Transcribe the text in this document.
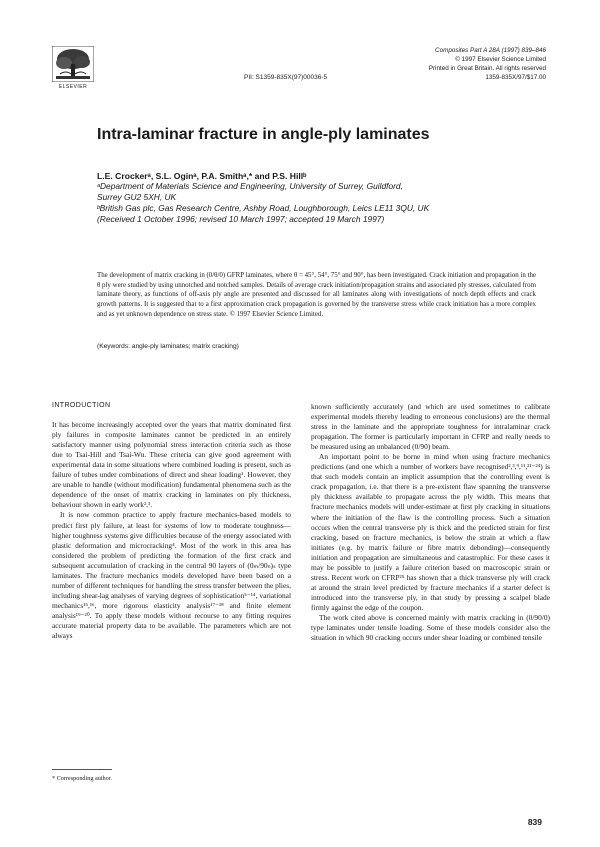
ELSEVIER
PII: S1359-835X(97)00036-5
Composites Part A 28A (1997) 839–846
© 1997 Elsevier Science Limited
Printed in Great Britain. All rights reserved
1359-835X/97/$17.00
Intra-laminar fracture in angle-ply laminates
L.E. Crockerᵃ, S.L. Oginᵃ, P.A. Smithᵃ,* and P.S. Hillᵇ
ᵃDepartment of Materials Science and Engineering, University of Surrey, Guildford,
Surrey GU2 5XH, UK
ᵇBritish Gas plc, Gas Research Centre, Ashby Road, Loughborough, Leics LE11 3QU, UK
(Received 1 October 1996; revised 10 March 1997; accepted 19 March 1997)

The development of matrix cracking in (0/θ/0) GFRP laminates, where θ = 45°, 54°, 75° and 90°, has been investigated. Crack initiation and propagation in the θ ply were studied by using unnotched and notched samples. Details of average crack initiation/propagation strains and associated ply stresses, calculated from laminate theory, as functions of off-axis ply angle are presented and discussed for all laminates along with investigations of notch depth effects and crack growth patterns. It is suggested that to a first approximation crack propagation is governed by the transverse stress while crack initiation has a more complex and as yet unknown dependence on stress state. © 1997 Elsevier Science Limited.

(Keywords: angle-ply laminates; matrix cracking)
INTRODUCTION

It has become increasingly accepted over the years that matrix dominated first ply failures in composite laminates cannot be predicted in an entirely satisfactory manner using polynomial stress interaction criteria such as those due to Tsai-Hill and Tsai-Wu. These criteria can give good agreement with experimental data in some situations where combined loading is present, such as failure of tubes under combinations of direct and shear loading¹. However, they are unable to handle (without modification) fundamental phenomena such as the dependence of the onset of matrix cracking in laminates on ply thickness, behaviour shown in early work²,³.

It is now common practice to apply fracture mechanics-based models to predict first ply failure, at least for systems of low to moderate toughness—higher toughness systems give difficulties because of the energy associated with plastic deformation and microcracking⁴. Most of the work in this area has considered the problem of predicting the formation of the first crack and subsequent accumulation of cracking in the central 90 layers of (0ₘ/90ₙ)ₛ type laminates. The fracture mechanics models developed have been based on a number of different techniques for handling the stress transfer between the plies, including shear-lag analyses of varying degrees of sophistication⁵⁻¹⁴, variational mechanics¹⁵,¹⁶, more rigorous elasticity analysis¹⁷⁻¹⁸ and finite element analysis¹⁹⁻²⁰. To apply these models without recourse to any fitting requires accurate material property data to be available. The parameters which are not always

known sufficiently accurately (and which are used sometimes to calibrate experimental models thereby leading to erroneous conclusions) are the thermal stress in the laminate and the appropriate toughness for intralaminar crack propagation. The former is particularly important in CFRP and really needs to be measured using an unbalanced (0/90) beam.

An important point to be borne in mind when using fracture mechanics predictions (and one which a number of workers have recognised²,³,⁹,¹¹,²¹⁻²⁴) is that such models contain an implicit assumption that the controlling event is crack propagation, i.e. that there is a pre-existent flaw spanning the transverse ply thickness available to propagate across the ply width. This means that fracture mechanics models will under-estimate at first ply cracking in situations where the initiation of the flaw is the controlling process. Such a situation occurs when the central transverse ply is thick and the predicted strain for first cracking, based on fracture mechanics, is below the strain at which a flaw initiates (e.g. by matrix failure or fibre matrix debonding)—consequently initiation and propagation are simultaneous and catastrophic. For these cases it may be possible to justify a failure criterion based on macroscopic strain or stress. Recent work on CFRP²⁵ has shown that a thick transverse ply will crack at around the strain level predicted by fracture mechanics if a starter defect is introduced into the transverse ply, in that study by pressing a scalpel blade firmly against the edge of the coupon.

The work cited above is concerned mainly with matrix cracking in (0/90/0) type laminates under tensile loading. Some of these models consider also the situation in which 90 cracking occurs under shear loading or combined tensile

* Corresponding author.
839
